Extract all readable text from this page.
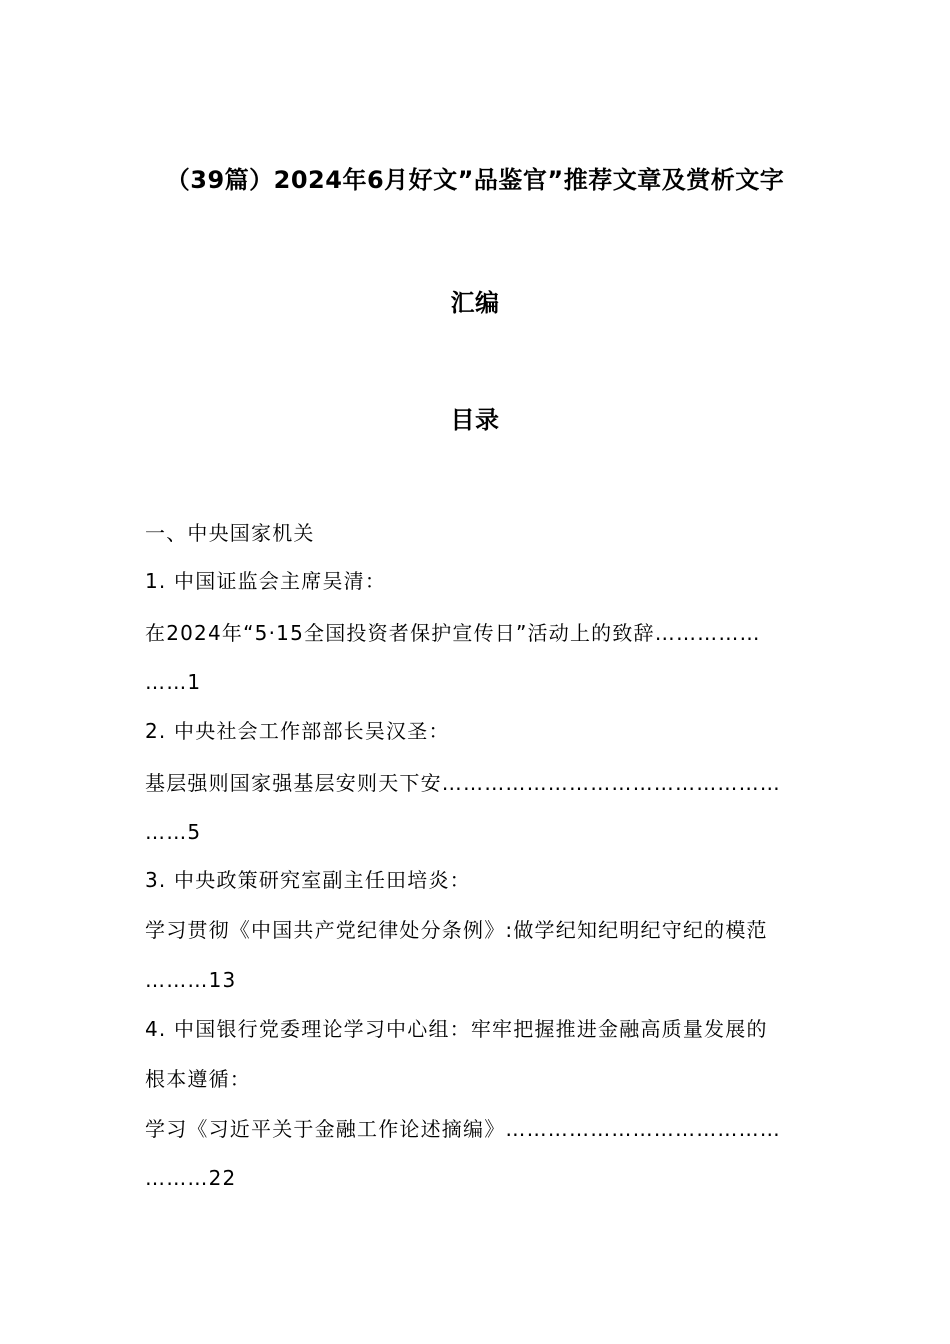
（39篇）2024年6月好文”品鉴官”推荐文章及赏析文字
汇编
目录
一、中央国家机关
1. 中国证监会主席吴清：
在2024年“5·15全国投资者保护宣传日”活动上的致辞……………
……1
2. 中央社会工作部部长吴汉圣：
基层强则国家强基层安则天下安…………………………………………
……5
3. 中央政策研究室副主任田培炎：
学习贯彻《中国共产党纪律处分条例》:做学纪知纪明纪守纪的模范
………13
4. 中国银行党委理论学习中心组：牢牢把握推进金融高质量发展的
根本遵循：
学习《习近平关于金融工作论述摘编》…………………………………
………22
